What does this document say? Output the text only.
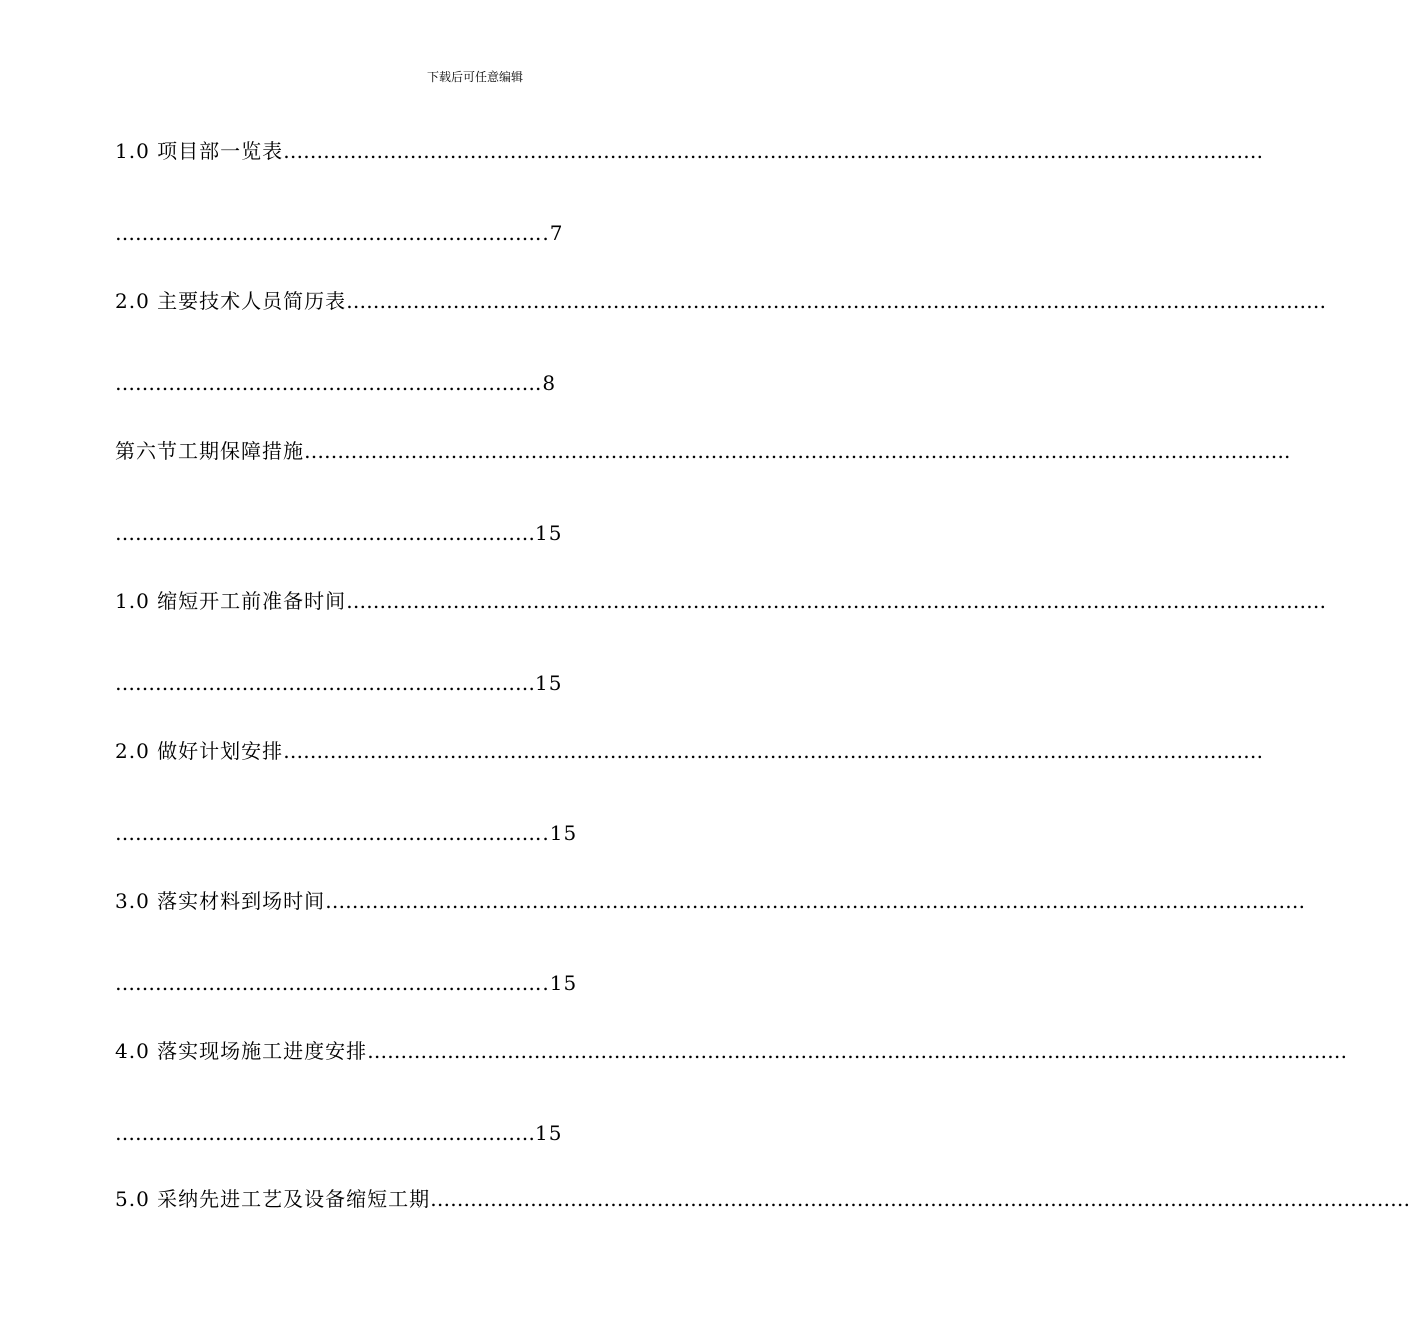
下载后可任意编辑
1.0 项目部一览表 …………………………………………………………………………………………………………………………………
………………………………………………………..7
2.0 主要技术人员简历表 …………………………………………………………………………………………………………………………………
……………………………………………………….8
第六节工期保障措施 ………………………………………………………………………………………………………………………………… .
………………………………………………………15
1.0 缩短开工前准备时间 …………………………………………………………………………………………………………………………………
………………………………………………………15
2.0 做好计划安排 …………………………………………………………………………………………………………………………………
………………………………………………………..15
3.0 落实材料到场时间 …………………………………………………………………………………………………………………………………
………………………………………………………..15
4.0 落实现场施工进度安排 …………………………………………………………………………………………………………………………………
………………………………………………………15
5.0 采纳先进工艺及设备缩短工期 …………………………………………………………………………………………………………………………………
